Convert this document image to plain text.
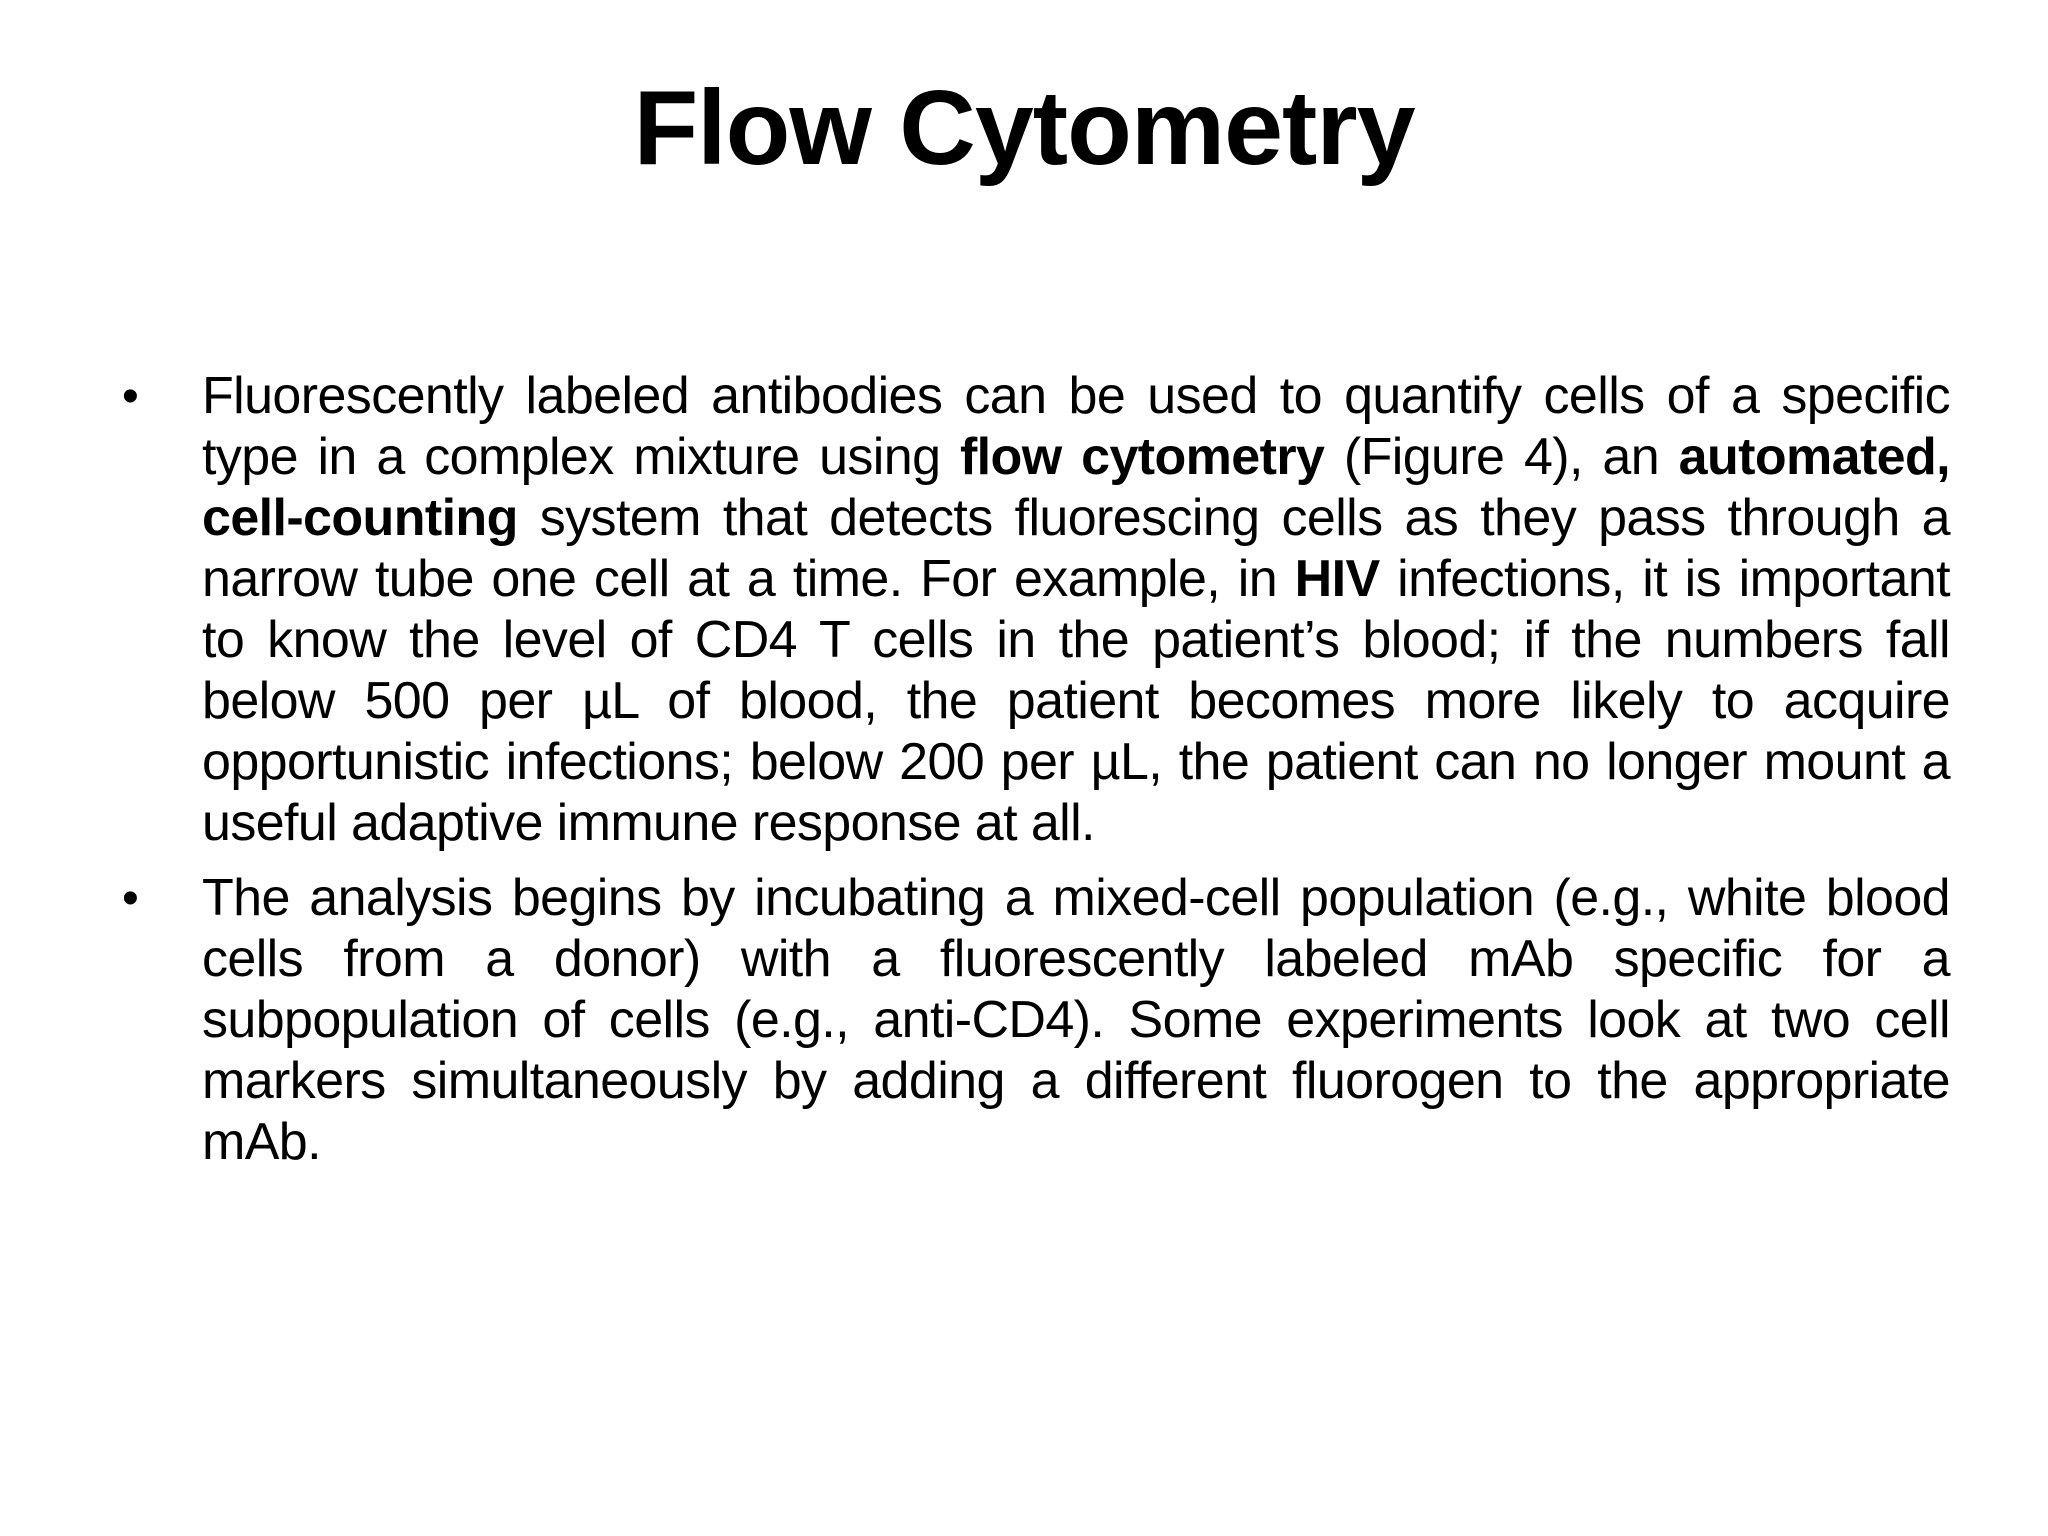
Flow Cytometry
• Fluorescently labeled antibodies can be used to quantify cells of a specific type in a complex mixture using flow cytometry (Figure 4), an automated, cell-counting system that detects fluorescing cells as they pass through a narrow tube one cell at a time. For example, in HIV infections, it is important to know the level of CD4 T cells in the patient’s blood; if the numbers fall below 500 per µL of blood, the patient becomes more likely to acquire opportunistic infections; below 200 per µL, the patient can no longer mount a useful adaptive immune response at all.
• The analysis begins by incubating a mixed-cell population (e.g., white blood cells from a donor) with a fluorescently labeled mAb specific for a subpopulation of cells (e.g., anti-CD4). Some experiments look at two cell markers simultaneously by adding a different fluorogen to the appropriate mAb.
